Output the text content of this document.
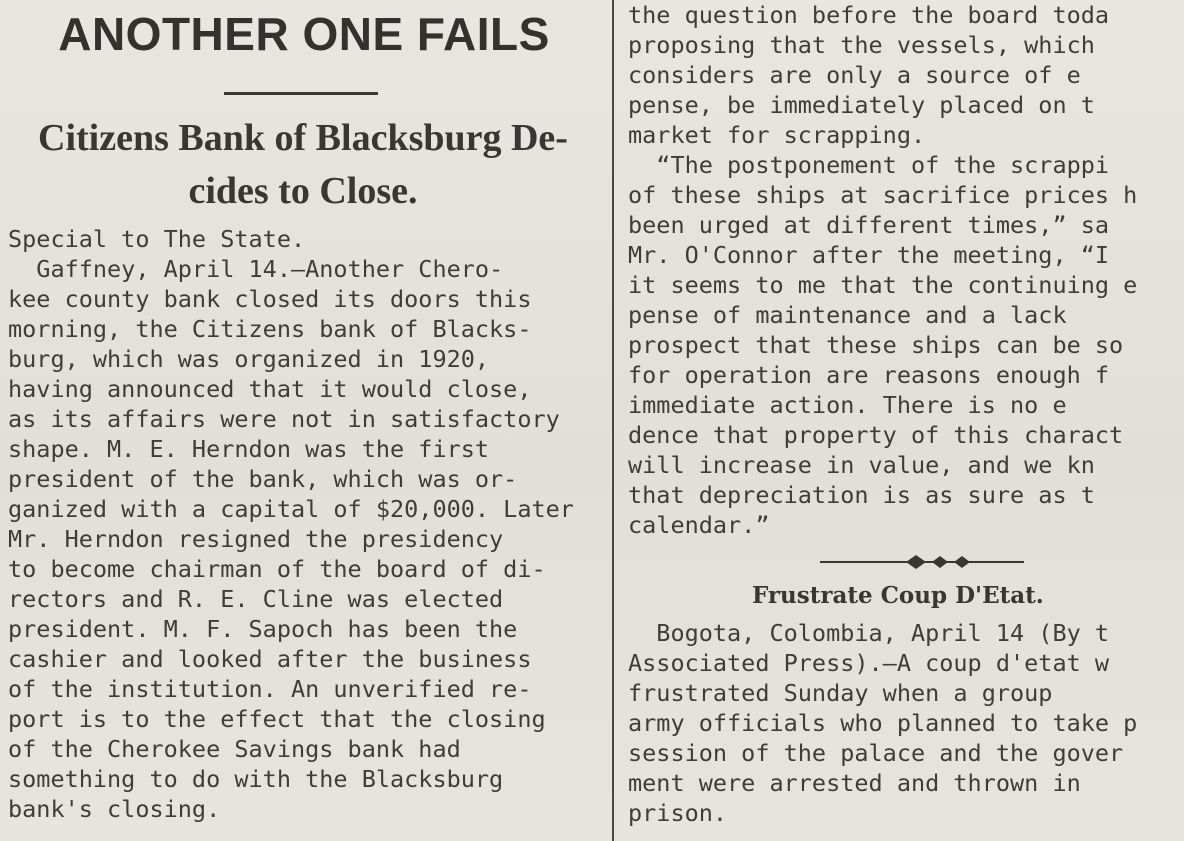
ANOTHER ONE FAILS
Citizens Bank of Blacksburg De-
cides to Close.
Special to The State.
Gaffney, April 14.—Another Chero-
kee county bank closed its doors this
morning, the Citizens bank of Blacks-
burg, which was organized in 1920,
having announced that it would close,
as its affairs were not in satisfactory
shape. M. E. Herndon was the first
president of the bank, which was or-
ganized with a capital of $20,000. Later
Mr. Herndon resigned the presidency
to become chairman of the board of di-
rectors and R. E. Cline was elected
president. M. F. Sapoch has been the
cashier and looked after the business
of the institution. An unverified re-
port is to the effect that the closing
of the Cherokee Savings bank had
something to do with the Blacksburg
bank's closing.
the question before the board toda
proposing that the vessels, which
considers are only a source of e
pense, be immediately placed on t
market for scrapping.
“The postponement of the scrappi
of these ships at sacrifice prices h
been urged at different times,” sa
Mr. O'Connor after the meeting, “I
it seems to me that the continuing e
pense of maintenance and a lack
prospect that these ships can be so
for operation are reasons enough f
immediate action. There is no e
dence that property of this charact
will increase in value, and we kn
that depreciation is as sure as t
calendar.”
Frustrate Coup D'Etat.
Bogota, Colombia, April 14 (By t
Associated Press).—A coup d'etat w
frustrated Sunday when a group
army officials who planned to take p
session of the palace and the gover
ment were arrested and thrown in
prison.
